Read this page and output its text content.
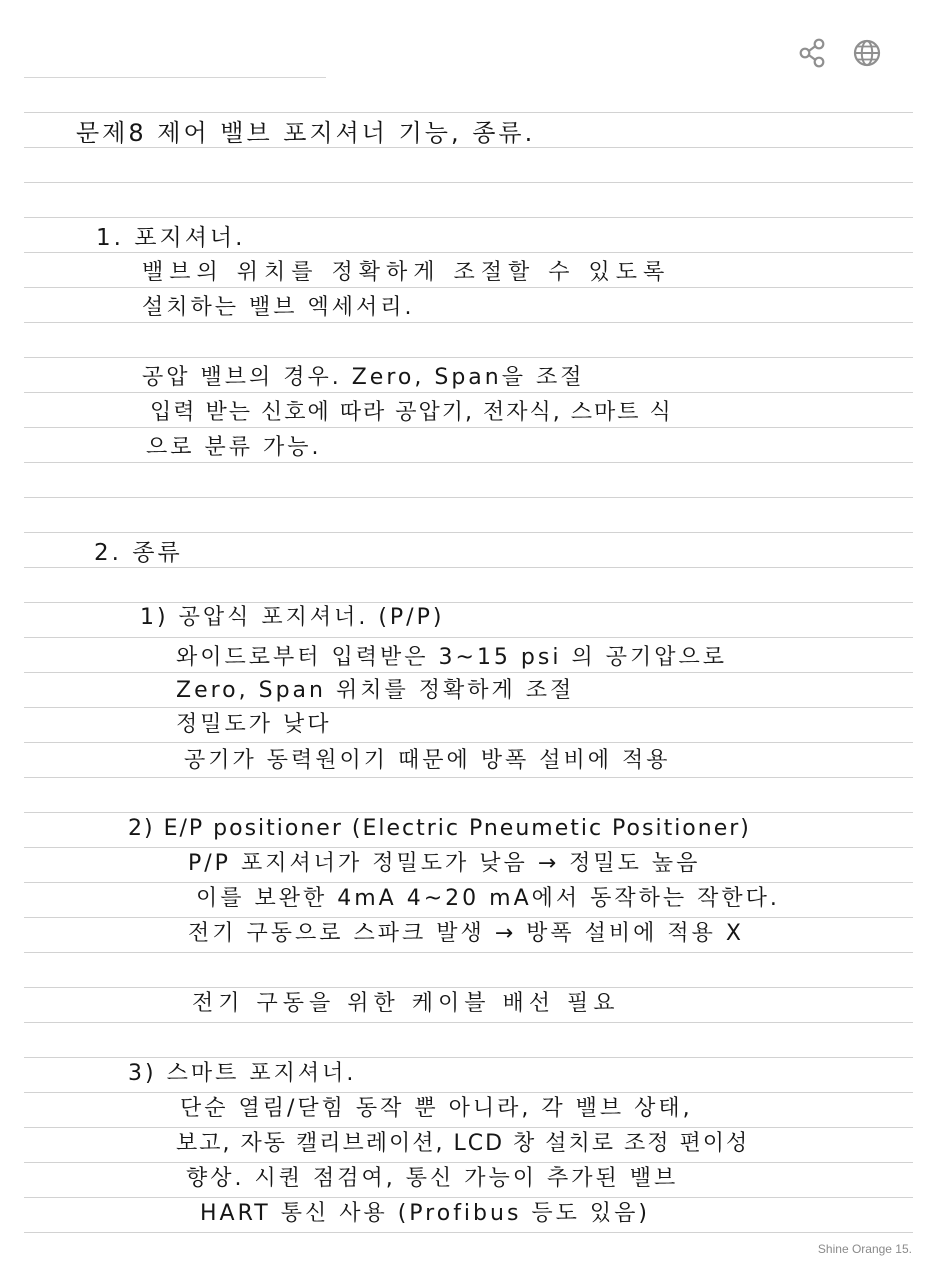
문제8 제어 밸브 포지셔너 기능, 종류.
1. 포지셔너.
밸브의 위치를 정확하게 조절할 수 있도록
설치하는 밸브 엑세서리.
공압 밸브의 경우. Zero, Span을 조절
입력 받는 신호에 따라 공압기, 전자식, 스마트 식
으로 분류 가능.
2. 종류
1) 공압식 포지셔너. (P/P)
와이드로부터 입력받은 3~15 psi 의 공기압으로
Zero, Span 위치를 정확하게 조절
정밀도가 낮다
공기가 동력원이기 때문에 방폭 설비에 적용
2) E/P positioner (Electric Pneumetic Positioner)
P/P 포지셔너가 정밀도가 낮음 → 정밀도 높음
이를 보완한 4mA 4~20 mA에서 동작하는 작한다.
전기 구동으로 스파크 발생 → 방폭 설비에 적용 X
전기 구동을 위한 케이블 배선 필요
3) 스마트 포지셔너.
단순 열림/닫힘 동작 뿐 아니라, 각 밸브 상태,
보고, 자동 캘리브레이션, LCD 창 설치로 조정 편이성
향상. 시퀀 점검여, 통신 가능이 추가된 밸브
HART 통신 사용 (Profibus 등도 있음)
Shine Orange 15.
